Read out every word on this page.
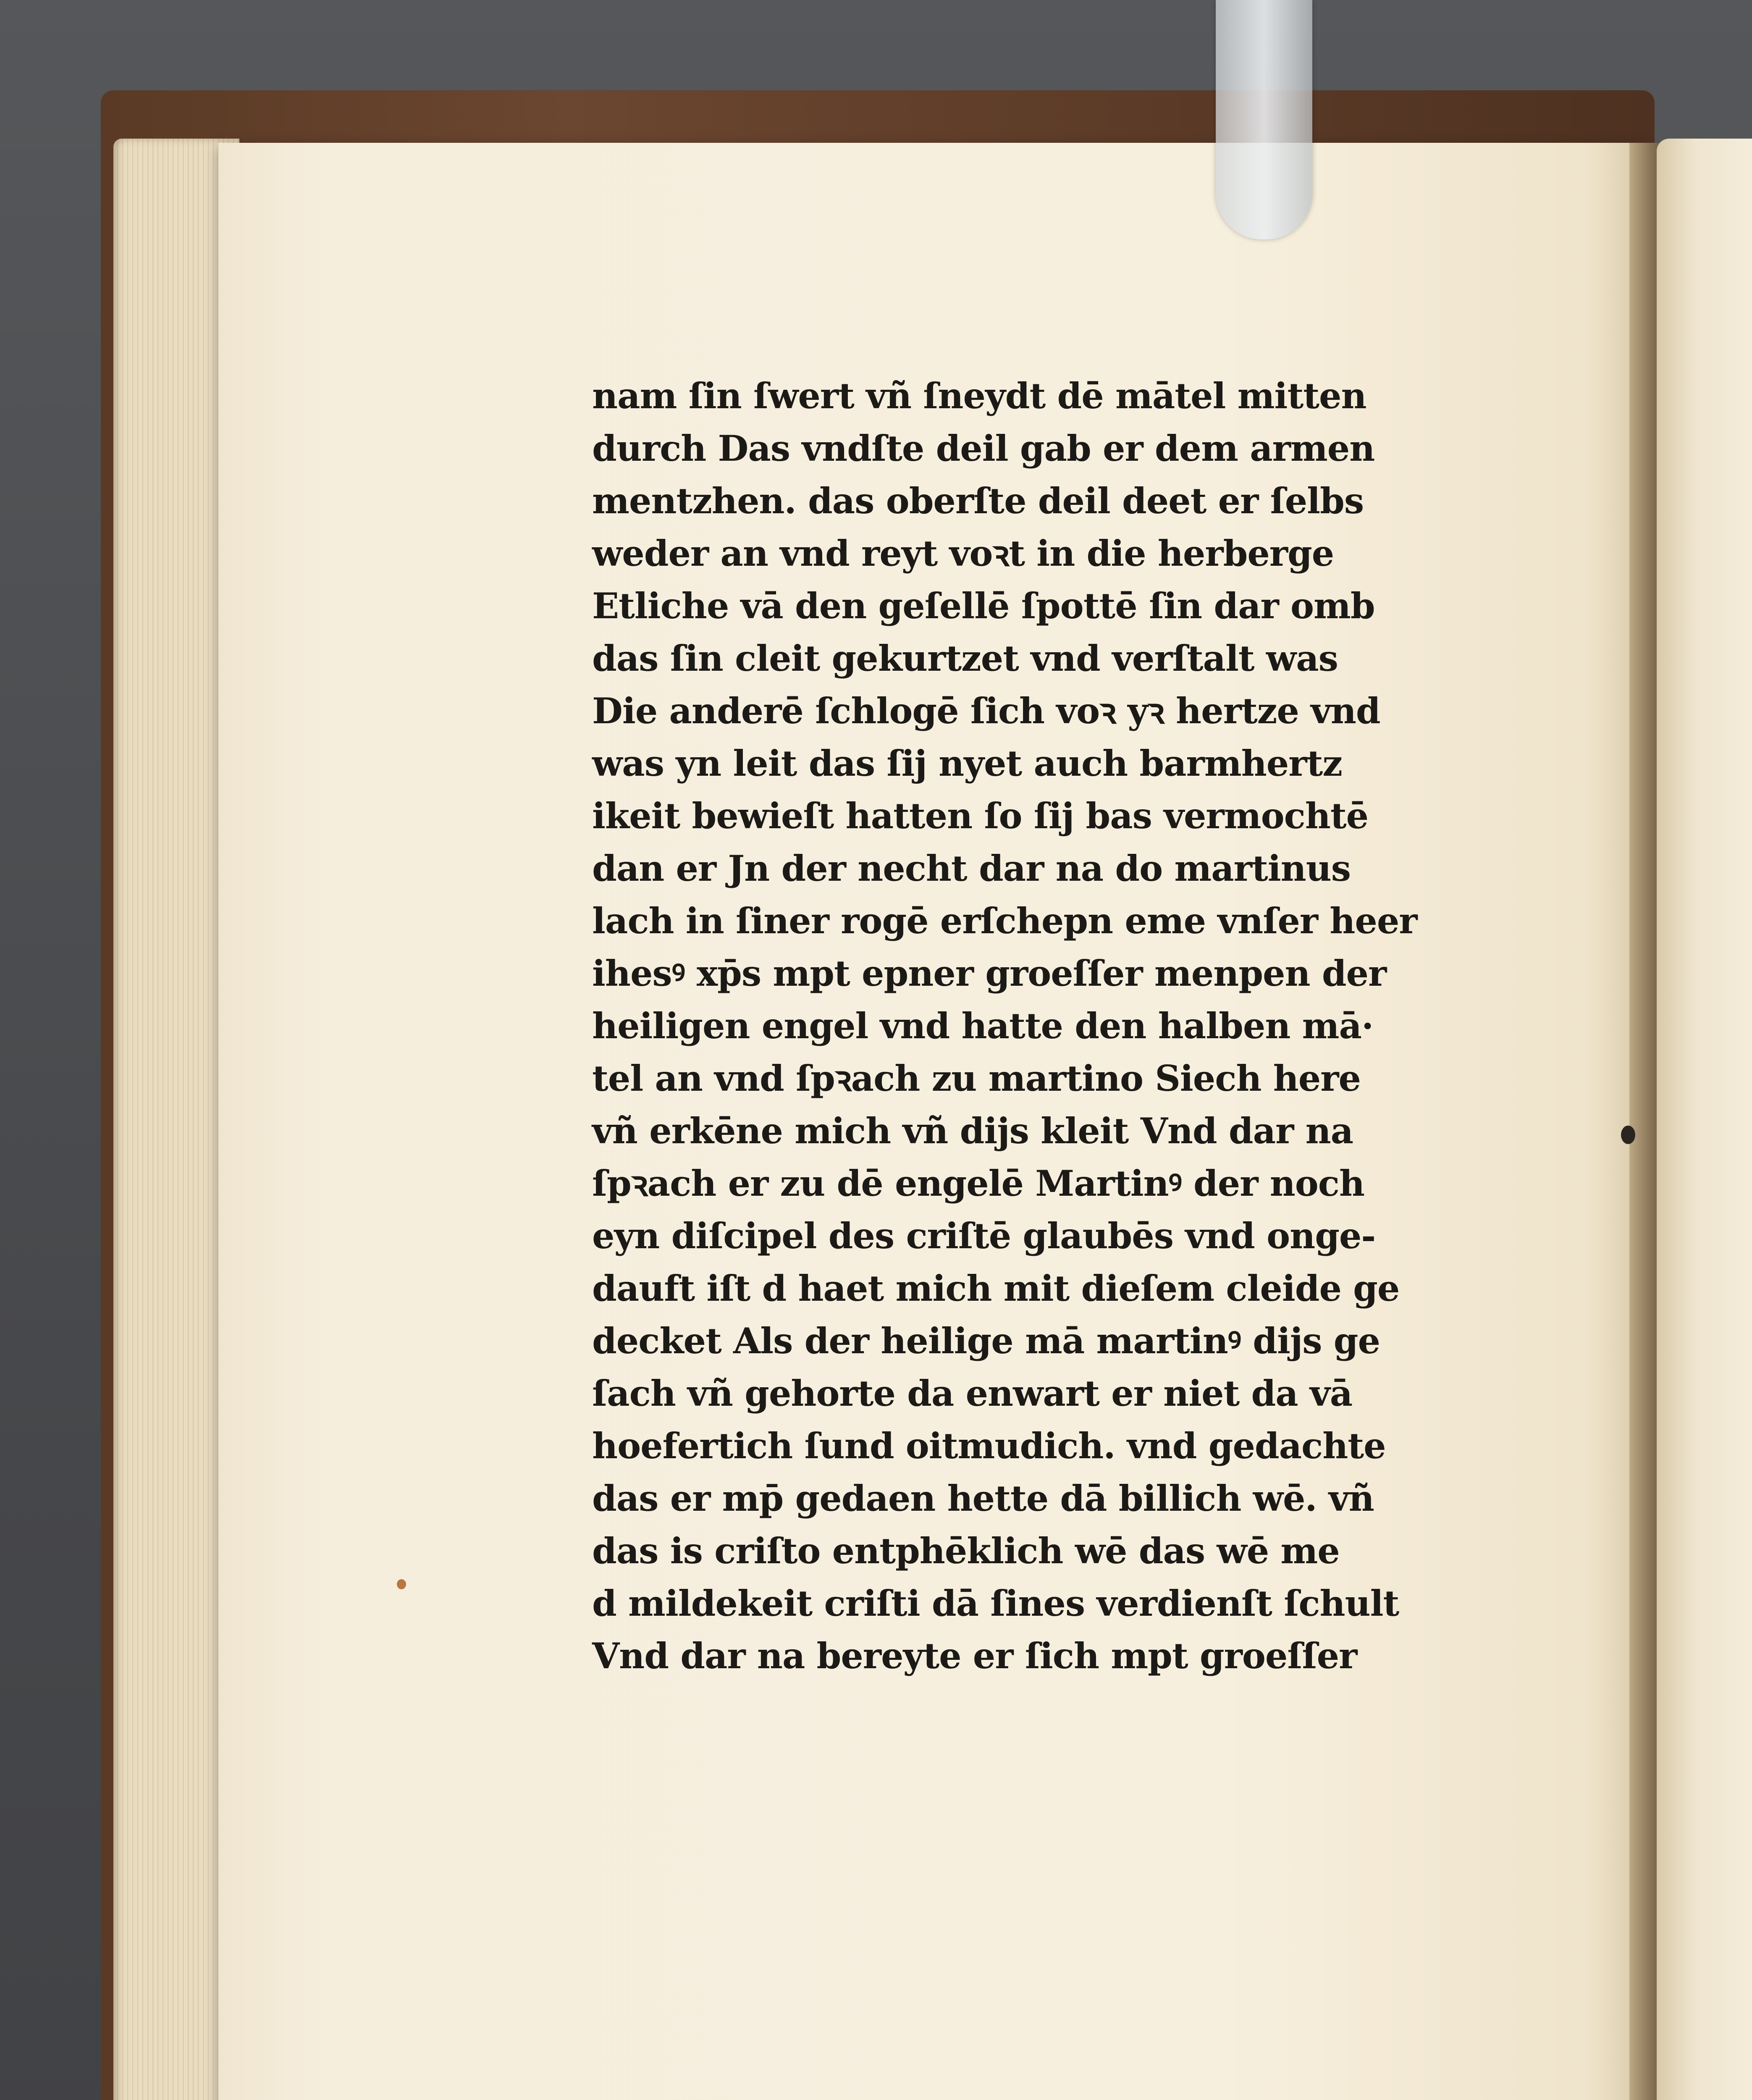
nam ſin ſwert vñ ſneydt dē mātel mitten
durch Das vndſte deil gab er dem armen
mentzhen. das oberſte deil deet er ſelbs
weder an vnd reyt voꝛt in die herberge
Etliche vā den geſellē ſpottē ſin dar omb
das ſin cleit gekurtzet vnd verſtalt was
Die anderē ſchlogē ſich voꝛ yꝛ hertze vnd
was yn leit das ſij nyet auch barmhertz
ikeit bewieſt hatten ſo ſij bas vermochtē
dan er Jn der necht dar na do martinus
lach in ſiner rogē erſchepn eme vnſer heer
ihesꝰ xp̄s mpt epner groeſſer menpen der
heiligen engel vnd hatte den halben mā·
tel an vnd ſpꝛach zu martino Siech here
vñ erkēne mich vñ dijs kleit Vnd dar na
ſpꝛach er zu dē engelē Martinꝰ der noch
eyn diſcipel des criſtē glaubēs vnd onge-
dauft iſt d haet mich mit dieſem cleide ge
decket Als der heilige mā martinꝰ dijs ge
ſach vñ gehorte da enwart er niet da vā
hoefertich ſund oitmudich. vnd gedachte
das er mp̄ gedaen hette dā billich wē. vñ
das is criſto entphēklich wē das wē me
d mildekeit criſti dā ſines verdienſt ſchult
Vnd dar na bereyte er ſich mpt groeſſer
